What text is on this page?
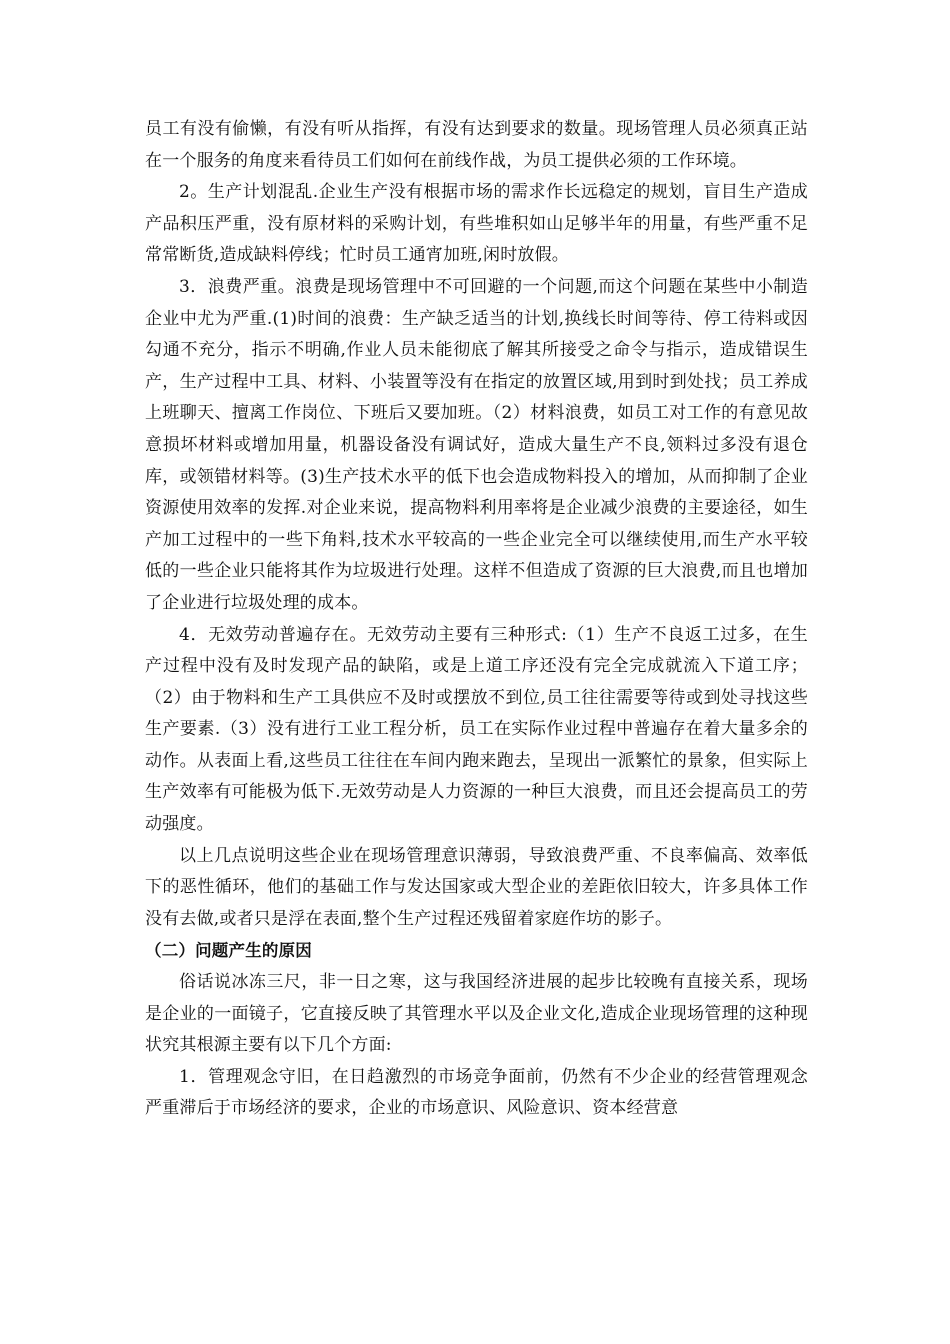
员工有没有偷懒，有没有听从指挥，有没有达到要求的数量。现场管理人员必须真正站在一个服务的角度来看待员工们如何在前线作战，为员工提供必须的工作环境。

2。生产计划混乱.企业生产没有根据市场的需求作长远稳定的规划，盲目生产造成产品积压严重，没有原材料的采购计划，有些堆积如山足够半年的用量，有些严重不足常常断货,造成缺料停线；忙时员工通宵加班,闲时放假。

3．浪费严重。浪费是现场管理中不可回避的一个问题,而这个问题在某些中小制造企业中尤为严重.(1)时间的浪费：生产缺乏适当的计划,换线长时间等待、停工待料或因勾通不充分，指示不明确,作业人员未能彻底了解其所接受之命令与指示，造成错误生产，生产过程中工具、材料、小装置等没有在指定的放置区域,用到时到处找；员工养成上班聊天、擅离工作岗位、下班后又要加班。（2）材料浪费，如员工对工作的有意见故意损坏材料或增加用量，机器设备没有调试好，造成大量生产不良,领料过多没有退仓库，或领错材料等。(3)生产技术水平的低下也会造成物料投入的增加，从而抑制了企业资源使用效率的发挥.对企业来说，提高物料利用率将是企业减少浪费的主要途径，如生产加工过程中的一些下角料,技术水平较高的一些企业完全可以继续使用,而生产水平较低的一些企业只能将其作为垃圾进行处理。这样不但造成了资源的巨大浪费,而且也增加了企业进行垃圾处理的成本。

4．无效劳动普遍存在。无效劳动主要有三种形式:（1）生产不良返工过多，在生产过程中没有及时发现产品的缺陷，或是上道工序还没有完全完成就流入下道工序；（2）由于物料和生产工具供应不及时或摆放不到位,员工往往需要等待或到处寻找这些生产要素.（3）没有进行工业工程分析，员工在实际作业过程中普遍存在着大量多余的动作。从表面上看,这些员工往往在车间内跑来跑去，呈现出一派繁忙的景象，但实际上生产效率有可能极为低下.无效劳动是人力资源的一种巨大浪费，而且还会提高员工的劳动强度。

以上几点说明这些企业在现场管理意识薄弱，导致浪费严重、不良率偏高、效率低下的恶性循环，他们的基础工作与发达国家或大型企业的差距依旧较大，许多具体工作没有去做,或者只是浮在表面,整个生产过程还残留着家庭作坊的影子。

（二）问题产生的原因

俗话说冰冻三尺，非一日之寒，这与我国经济进展的起步比较晚有直接关系，现场是企业的一面镜子，它直接反映了其管理水平以及企业文化,造成企业现场管理的这种现状究其根源主要有以下几个方面:

1．管理观念守旧，在日趋激烈的市场竞争面前，仍然有不少企业的经营管理观念严重滞后于市场经济的要求，企业的市场意识、风险意识、资本经营意
